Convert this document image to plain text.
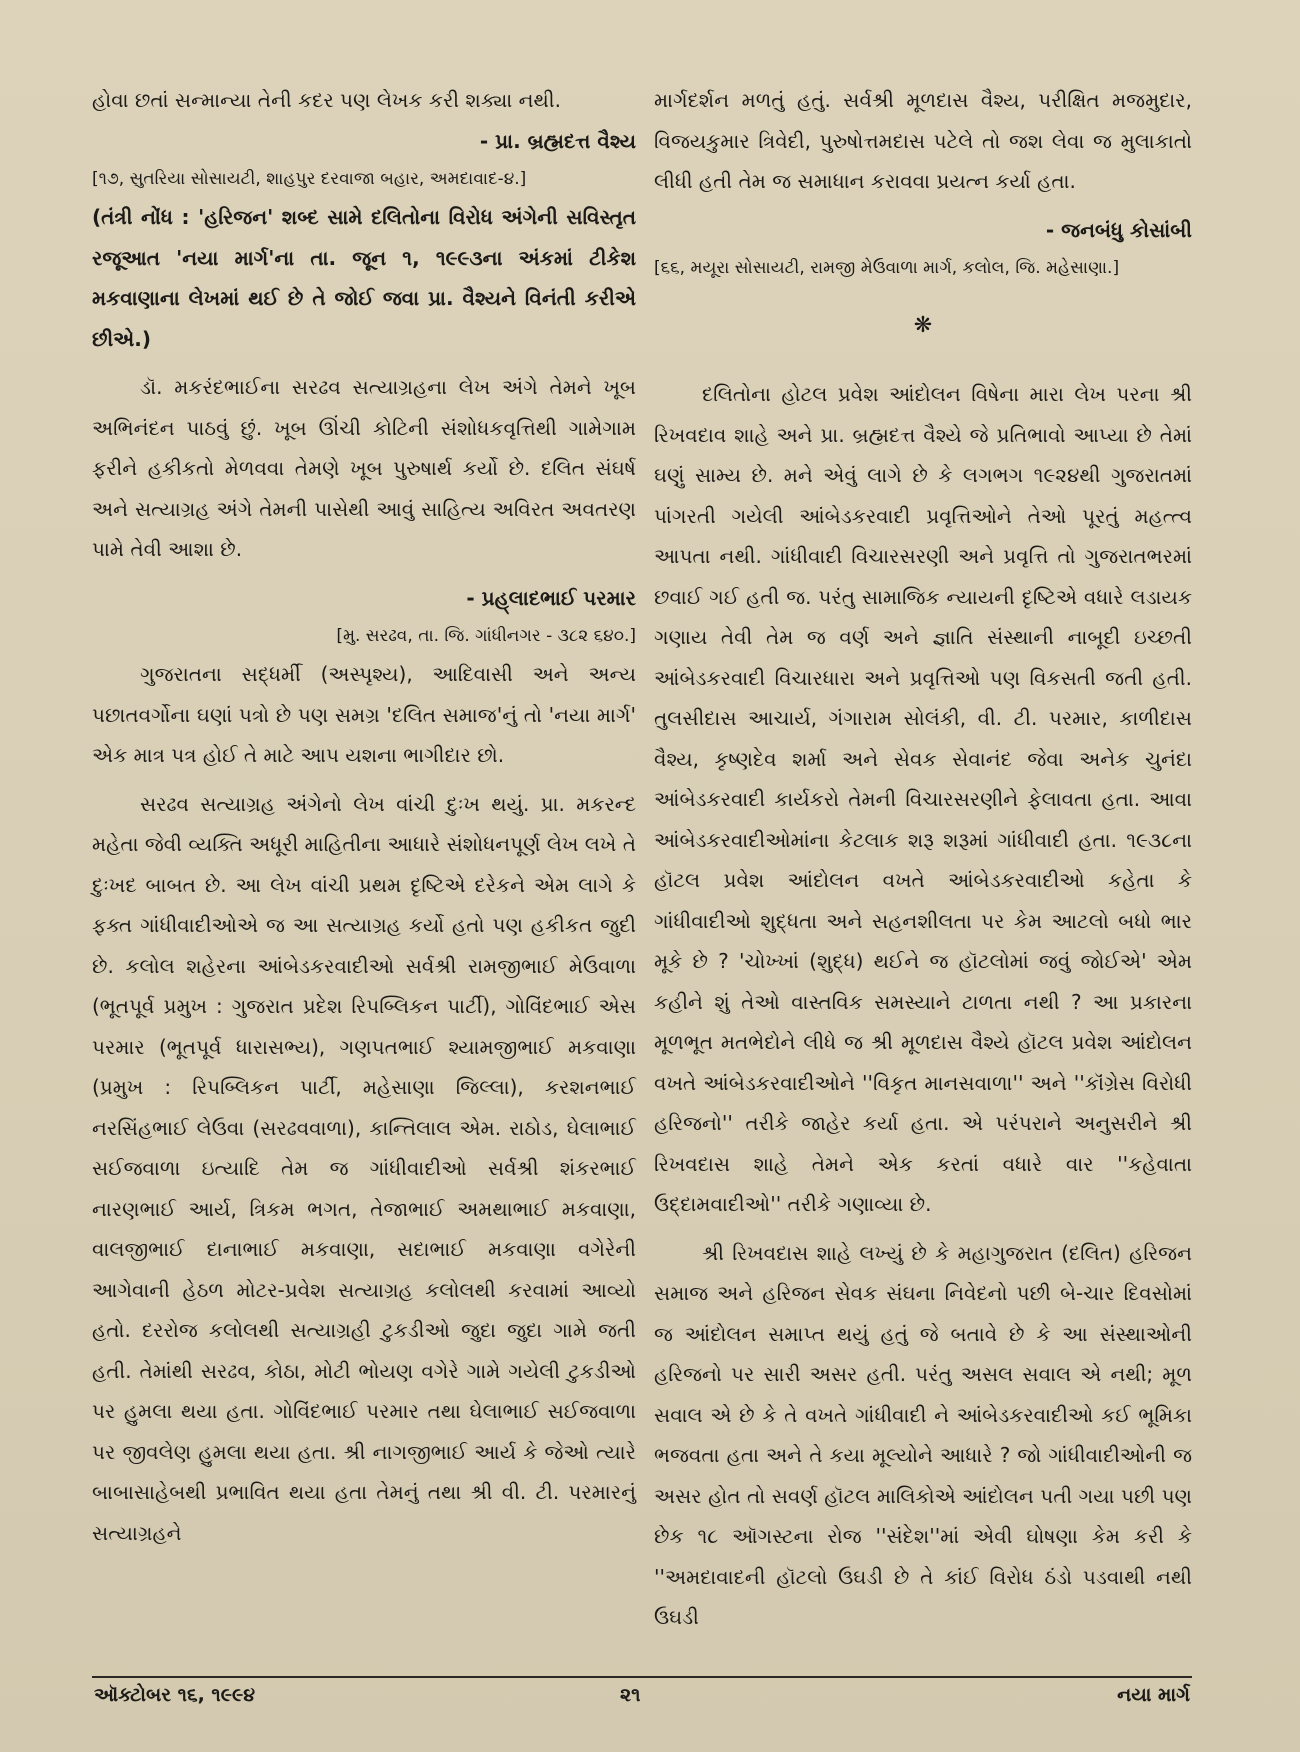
હોવા છતાં સન્માન્યા તેની કદર પણ લેખક કરી શક્યા નથી.

- પ્રા. બ્રહ્મદત્ત વૈશ્ય
[૧૭, સુતરિયા સોસાયટી, શાહપુર દરવાજા બહાર, અમદાવાદ-૪.]

(તંત્રી નોંધ : 'હરિજન' શબ્દ સામે દલિતોના વિરોધ અંગેની સવિસ્તૃત રજૂઆત 'નયા માર્ગ'ના તા. જૂન ૧, ૧૯૯૩ના અંકમાં ટીકેશ મકવાણાના લેખમાં થઈ છે તે જોઈ જવા પ્રા. વૈશ્યને વિનંતી કરીએ છીએ.)

ડૉ. મકરંદભાઈના સરઢવ સત્યાગ્રહના લેખ અંગે તેમને ખૂબ અભિનંદન પાઠવું છું. ખૂબ ઊંચી કોટિની સંશોધકવૃત્તિથી ગામેગામ ફરીને હકીકતો મેળવવા તેમણે ખૂબ પુરુષાર્થ કર્યો છે. દલિત સંઘર્ષ અને સત્યાગ્રહ અંગે તેમની પાસેથી આવું સાહિત્ય અવિરત અવતરણ પામે તેવી આશા છે.

- પ્રહ્‌લાદભાઈ પરમાર
[મુ. સરઢવ, તા. જિ. ગાંધીનગર - ૩૮૨ ૬૪૦.]

ગુજરાતના સદ્‌ધર્મી (અસ્પૃશ્ય), આદિવાસી અને અન્ય પછાતવર્ગોના ઘણાં પત્રો છે પણ સમગ્ર 'દલિત સમાજ'નું તો 'નયા માર્ગ' એક માત્ર પત્ર હોઈ તે માટે આપ યશના ભાગીદાર છો.

સરઢવ સત્યાગ્રહ અંગેનો લેખ વાંચી દુઃખ થયું. પ્રા. મકરન્દ મહેતા જેવી વ્યક્તિ અધૂરી માહિતીના આધારે સંશોધનપૂર્ણ લેખ લખે તે દુઃખદ બાબત છે. આ લેખ વાંચી પ્રથમ દૃષ્ટિએ દરેકને એમ લાગે કે ફક્ત ગાંધીવાદીઓએ જ આ સત્યાગ્રહ કર્યો હતો પણ હકીકત જુદી છે. કલોલ શહેરના આંબેડકરવાદીઓ સર્વશ્રી રામજીભાઈ મેઉવાળા (ભૂતપૂર્વ પ્રમુખ : ગુજરાત પ્રદેશ રિપબ્લિકન પાર્ટી), ગોવિંદભાઈ એસ પરમાર (ભૂતપૂર્વ ધારાસભ્ય), ગણપતભાઈ શ્યામજીભાઈ મકવાણા (પ્રમુખ : રિપબ્લિકન પાર્ટી, મહેસાણા જિલ્લા), કરશનભાઈ નરસિંહભાઈ લેઉવા (સરઢવવાળા), કાન્તિલાલ એમ. રાઠોડ, ઘેલાભાઈ સઈજવાળા ઇત્યાદિ તેમ જ ગાંધીવાદીઓ સર્વશ્રી શંકરભાઈ નારણભાઈ આર્ય, ત્રિકમ ભગત, તેજાભાઈ અમથાભાઈ મકવાણા, વાલજીભાઈ દાનાભાઈ મકવાણા, સદાભાઈ મકવાણા વગેરેની આગેવાની હેઠળ મોટર-પ્રવેશ સત્યાગ્રહ કલોલથી કરવામાં આવ્યો હતો. દરરોજ કલોલથી સત્યાગ્રહી ટુકડીઓ જુદા જુદા ગામે જતી હતી. તેમાંથી સરઢવ, કોઠા, મોટી ભોયણ વગેરે ગામે ગયેલી ટુકડીઓ પર હુમલા થયા હતા. ગોવિંદભાઈ પરમાર તથા ઘેલાભાઈ સઈજવાળા પર જીવલેણ હુમલા થયા હતા. શ્રી નાગજીભાઈ આર્ય કે જેઓ ત્યારે બાબાસાહેબથી પ્રભાવિત થયા હતા તેમનું તથા શ્રી વી. ટી. પરમારનું સત્યાગ્રહને

માર્ગદર્શન મળતું હતું. સર્વશ્રી મૂળદાસ વૈશ્ય, પરીક્ષિત મજમુદાર, વિજયકુમાર ત્રિવેદી, પુરુષોત્તમદાસ પટેલે તો જશ લેવા જ મુલાકાતો લીધી હતી તેમ જ સમાધાન કરાવવા પ્રયત્ન કર્યા હતા.

- જનબંધુ કોસાંબી
[૬૬, મયૂરા સોસાયટી, રામજી મેઉવાળા માર્ગ, કલોલ, જિ. મહેસાણા.]
❋

દલિતોના હોટલ પ્રવેશ આંદોલન વિષેના મારા લેખ પરના શ્રી રિખવદાવ શાહે અને પ્રા. બ્રહ્મદત્ત વૈશ્યે જે પ્રતિભાવો આપ્યા છે તેમાં ઘણું સામ્ય છે. મને એવું લાગે છે કે લગભગ ૧૯૨૪થી ગુજરાતમાં પાંગરતી ગયેલી આંબેડકરવાદી પ્રવૃત્તિઓને તેઓ પૂરતું મહત્ત્વ આપતા નથી. ગાંધીવાદી વિચારસરણી અને પ્રવૃત્તિ તો ગુજરાતભરમાં છવાઈ ગઈ હતી જ. પરંતુ સામાજિક ન્યાયની દૃષ્ટિએ વધારે લડાયક ગણાય તેવી તેમ જ વર્ણ અને જ્ઞાતિ સંસ્થાની નાબૂદી ઇચ્છતી આંબેડકરવાદી વિચારધારા અને પ્રવૃત્તિઓ પણ વિકસતી જતી હતી. તુલસીદાસ આચાર્ય, ગંગારામ સોલંકી, વી. ટી. પરમાર, કાળીદાસ વૈશ્ય, કૃષ્ણદેવ શર્મા અને સેવક સેવાનંદ જેવા અનેક ચુનંદા આંબેડકરવાદી કાર્યકરો તેમની વિચારસરણીને ફેલાવતા હતા. આવા આંબેડકરવાદીઓમાંના કેટલાક શરૂ શરૂમાં ગાંધીવાદી હતા. ૧૯૩૮ના હૉટલ પ્રવેશ આંદોલન વખતે આંબેડકરવાદીઓ કહેતા કે ગાંધીવાદીઓ શુદ્ધતા અને સહનશીલતા પર કેમ આટલો બધો ભાર મૂકે છે ? 'ચોખ્ખાં (શુદ્ધ) થઈને જ હૉટલોમાં જવું જોઈએ' એમ કહીને શું તેઓ વાસ્તવિક સમસ્યાને ટાળતા નથી ? આ પ્રકારના મૂળભૂત મતભેદોને લીધે જ શ્રી મૂળદાસ વૈશ્યે હૉટલ પ્રવેશ આંદોલન વખતે આંબેડકરવાદીઓને ''વિકૃત માનસવાળા'' અને ''કૉંગ્રેસ વિરોધી હરિજનો'' તરીકે જાહેર કર્યા હતા. એ પરંપરાને અનુસરીને શ્રી રિખવદાસ શાહે તેમને એક કરતાં વધારે વાર ''કહેવાતા ઉદ્દામવાદીઓ'' તરીકે ગણાવ્યા છે.

શ્રી રિખવદાસ શાહે લખ્યું છે કે મહાગુજરાત (દલિત) હરિજન સમાજ અને હરિજન સેવક સંઘના નિવેદનો પછી બે-ચાર દિવસોમાં જ આંદોલન સમાપ્ત થયું હતું જે બતાવે છે કે આ સંસ્થાઓની હરિજનો પર સારી અસર હતી. પરંતુ અસલ સવાલ એ નથી; મૂળ સવાલ એ છે કે તે વખતે ગાંધીવાદી ને આંબેડકરવાદીઓ કઈ ભૂમિકા ભજવતા હતા અને તે કયા મૂલ્યોને આધારે ? જો ગાંધીવાદીઓની જ અસર હોત તો સવર્ણ હૉટલ માલિકોએ આંદોલન પતી ગયા પછી પણ છેક ૧૮ ઑગસ્ટના રોજ ''સંદેશ''માં એવી ઘોષણા કેમ કરી કે ''અમદાવાદની હૉટલો ઉઘડી છે તે કાંઈ વિરોધ ઠંડો પડવાથી નથી ઉઘડી

ઑક્ટોબર ૧૬, ૧૯૯૪	૨૧	નયા માર્ગ
